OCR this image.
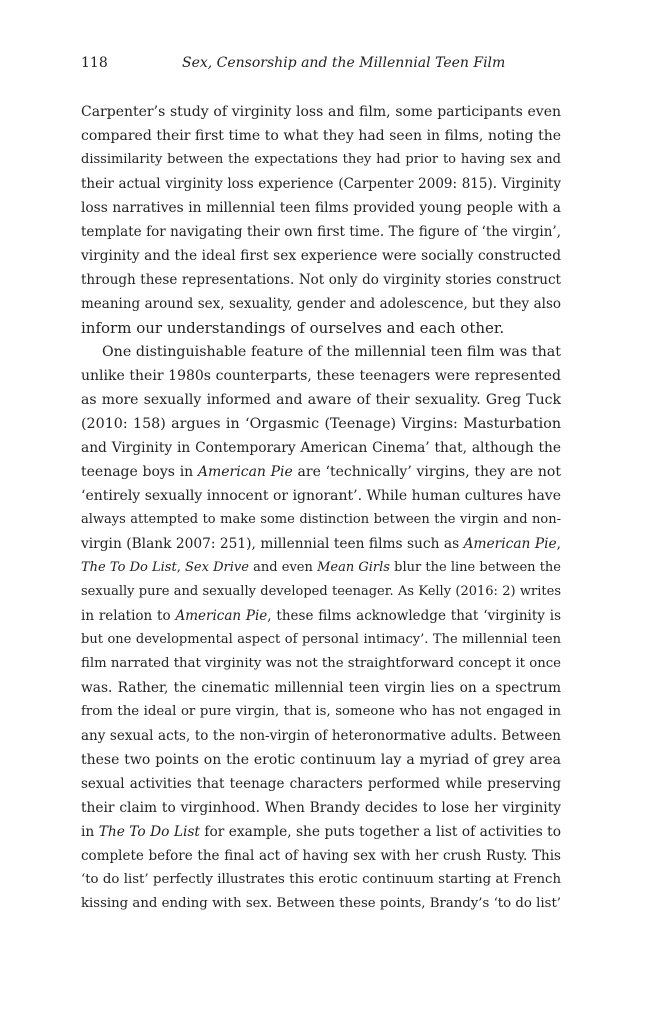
118	Sex, Censorship and the Millennial Teen Film
Carpenter’s study of virginity loss and film, some participants even
compared their first time to what they had seen in films, noting the
dissimilarity between the expectations they had prior to having sex and
their actual virginity loss experience (Carpenter 2009: 815). Virginity
loss narratives in millennial teen films provided young people with a
template for navigating their own first time. The figure of ‘the virgin’,
virginity and the ideal first sex experience were socially constructed
through these representations. Not only do virginity stories construct
meaning around sex, sexuality, gender and adolescence, but they also
inform our understandings of ourselves and each other.
One distinguishable feature of the millennial teen film was that
unlike their 1980s counterparts, these teenagers were represented
as more sexually informed and aware of their sexuality. Greg Tuck
(2010: 158) argues in ‘Orgasmic (Teenage) Virgins: Masturbation
and Virginity in Contemporary American Cinema’ that, although the
teenage boys in American Pie are ‘technically’ virgins, they are not
‘entirely sexually innocent or ignorant’. While human cultures have
always attempted to make some distinction between the virgin and non-
virgin (Blank 2007: 251), millennial teen films such as American Pie,
The To Do List, Sex Drive and even Mean Girls blur the line between the
sexually pure and sexually developed teenager. As Kelly (2016: 2) writes
in relation to American Pie, these films acknowledge that ‘virginity is
but one developmental aspect of personal intimacy’. The millennial teen
film narrated that virginity was not the straightforward concept it once
was. Rather, the cinematic millennial teen virgin lies on a spectrum
from the ideal or pure virgin, that is, someone who has not engaged in
any sexual acts, to the non-virgin of heteronormative adults. Between
these two points on the erotic continuum lay a myriad of grey area
sexual activities that teenage characters performed while preserving
their claim to virginhood. When Brandy decides to lose her virginity
in The To Do List for example, she puts together a list of activities to
complete before the final act of having sex with her crush Rusty. This
‘to do list’ perfectly illustrates this erotic continuum starting at French
kissing and ending with sex. Between these points, Brandy’s ‘to do list’
